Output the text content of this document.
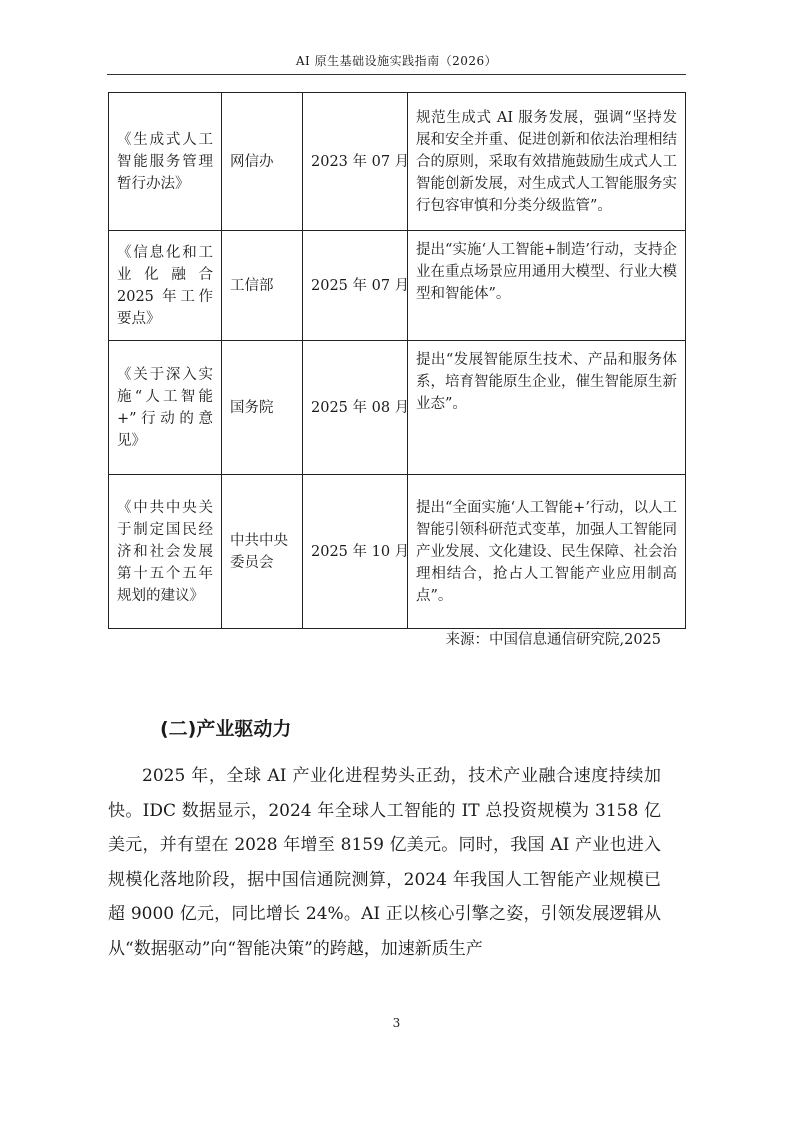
AI 原生基础设施实践指南（2026）
《生成式人工智能服务管理暂行办法》	网信办	2023 年 07 月	规范生成式 AI 服务发展，强调“坚持发展和安全并重、促进创新和依法治理相结合的原则，采取有效措施鼓励生成式人工智能创新发展，对生成式人工智能服务实行包容审慎和分类分级监管”。
《信息化和工业化融合 2025 年工作要点》	工信部	2025 年 07 月	提出“实施‘人工智能+制造’行动，支持企业在重点场景应用通用大模型、行业大模型和智能体”。
《关于深入实施“人工智能+”行动的意见》	国务院	2025 年 08 月	提出“发展智能原生技术、产品和服务体系，培育智能原生企业，催生智能原生新业态”。
《中共中央关于制定国民经济和社会发展第十五个五年规划的建议》	中共中央委员会	2025 年 10 月	提出“全面实施‘人工智能+’行动，以人工智能引领科研范式变革，加强人工智能同产业发展、文化建设、民生保障、社会治理相结合，抢占人工智能产业应用制高点”。
来源：中国信息通信研究院,2025
(二)产业驱动力

2025 年，全球 AI 产业化进程势头正劲，技术产业融合速度持续加快。IDC 数据显示，2024 年全球人工智能的 IT 总投资规模为 3158 亿美元，并有望在 2028 年增至 8159 亿美元。同时，我国 AI 产业也进入规模化落地阶段，据中国信通院测算，2024 年我国人工智能产业规模已超 9000 亿元，同比增长 24%。AI 正以核心引擎之姿，引领发展逻辑从从“数据驱动”向“智能决策”的跨越，加速新质生产

3
